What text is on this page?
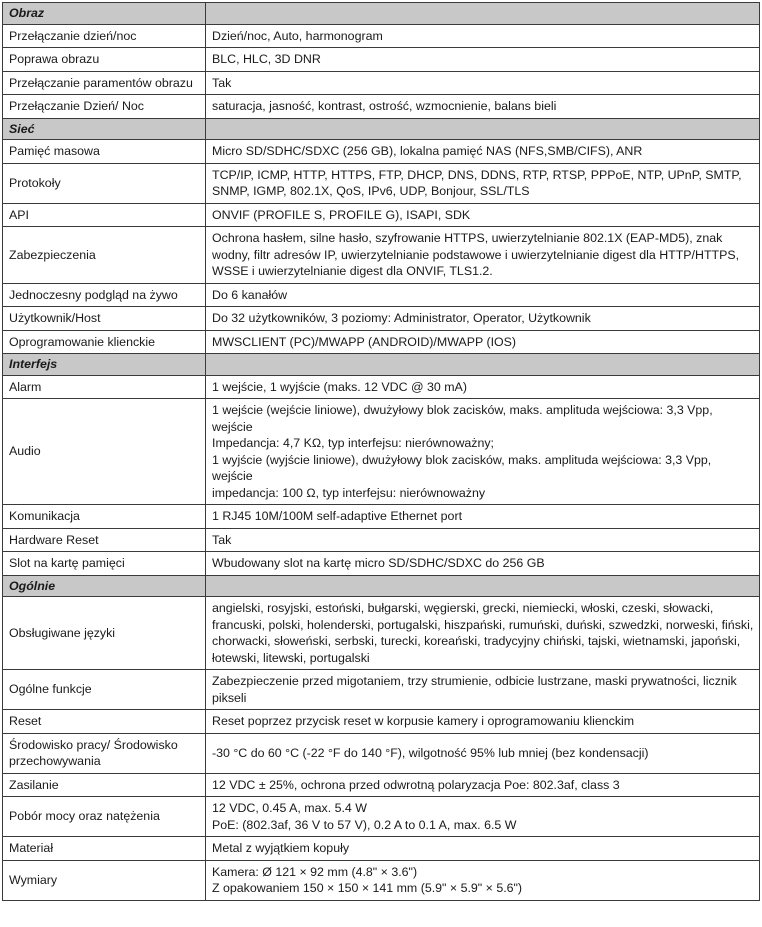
Obraz	
Przełączanie dzień/noc	Dzień/noc, Auto, harmonogram

Poprawa obrazu	BLC, HLC, 3D DNR

Przełączanie paramentów obrazu	Tak

Przełączanie Dzień/ Noc	saturacja, jasność, kontrast, ostrość, wzmocnienie, balans bieli

Sieć	
Pamięć masowa	Micro SD/SDHC/SDXC (256 GB), lokalna pamięć NAS (NFS,SMB/CIFS), ANR

Protokoły	TCP/IP, ICMP, HTTP, HTTPS, FTP, DHCP, DNS, DDNS, RTP, RTSP, PPPoE, NTP, UPnP, SMTP, SNMP, IGMP, 802.1X, QoS, IPv6, UDP, Bonjour, SSL/TLS

API	ONVIF (PROFILE S, PROFILE G), ISAPI, SDK

Zabezpieczenia	Ochrona hasłem, silne hasło, szyfrowanie HTTPS, uwierzytelnianie 802.1X (EAP-MD5), znak wodny, filtr adresów IP, uwierzytelnianie podstawowe i uwierzytelnianie digest dla HTTP/HTTPS, WSSE i uwierzytelnianie digest dla ONVIF, TLS1.2.

Jednoczesny podgląd na żywo	Do 6 kanałów

Użytkownik/Host	Do 32 użytkowników, 3 poziomy: Administrator, Operator, Użytkownik

Oprogramowanie klienckie	MWSCLIENT (PC)/MWAPP (ANDROID)/MWAPP (IOS)

Interfejs	
Alarm	1 wejście, 1 wyjście (maks. 12 VDC @ 30 mA)

Audio	1 wejście (wejście liniowe), dwużyłowy blok zacisków, maks. amplituda wejściowa: 3,3 Vpp, wejście
Impedancja: 4,7 KΩ, typ interfejsu: nierównoważny;
1 wyjście (wyjście liniowe), dwużyłowy blok zacisków, maks. amplituda wejściowa: 3,3 Vpp, wejście
impedancja: 100 Ω, typ interfejsu: nierównoważny

Komunikacja	1 RJ45 10M/100M self-adaptive Ethernet port

Hardware Reset	Tak

Slot na kartę pamięci	Wbudowany slot na kartę micro SD/SDHC/SDXC do 256 GB

Ogólnie	
Obsługiwane języki	angielski, rosyjski, estoński, bułgarski, węgierski, grecki, niemiecki, włoski, czeski, słowacki, francuski, polski, holenderski, portugalski, hiszpański, rumuński, duński, szwedzki, norweski, fiński, chorwacki, słoweński, serbski, turecki, koreański, tradycyjny chiński, tajski, wietnamski, japoński, łotewski, litewski, portugalski

Ogólne funkcje	Zabezpieczenie przed migotaniem, trzy strumienie, odbicie lustrzane, maski prywatności, licznik pikseli

Reset	Reset poprzez przycisk reset w korpusie kamery i oprogramowaniu klienckim

Środowisko pracy/ Środowisko przechowywania	-30 °C do 60 °C (-22 °F do 140 °F), wilgotność 95% lub mniej (bez kondensacji)

Zasilanie	12 VDC ± 25%, ochrona przed odwrotną polaryzacja Poe: 802.3af, class 3

Pobór mocy oraz natężenia	12 VDC, 0.45 A, max. 5.4 W
PoE: (802.3af, 36 V to 57 V), 0.2 A to 0.1 A, max. 6.5 W

Materiał	Metal z wyjątkiem kopuły

Wymiary	Kamera: Ø 121 × 92 mm (4.8" × 3.6")
Z opakowaniem 150 × 150 × 141 mm (5.9" × 5.9" × 5.6")
